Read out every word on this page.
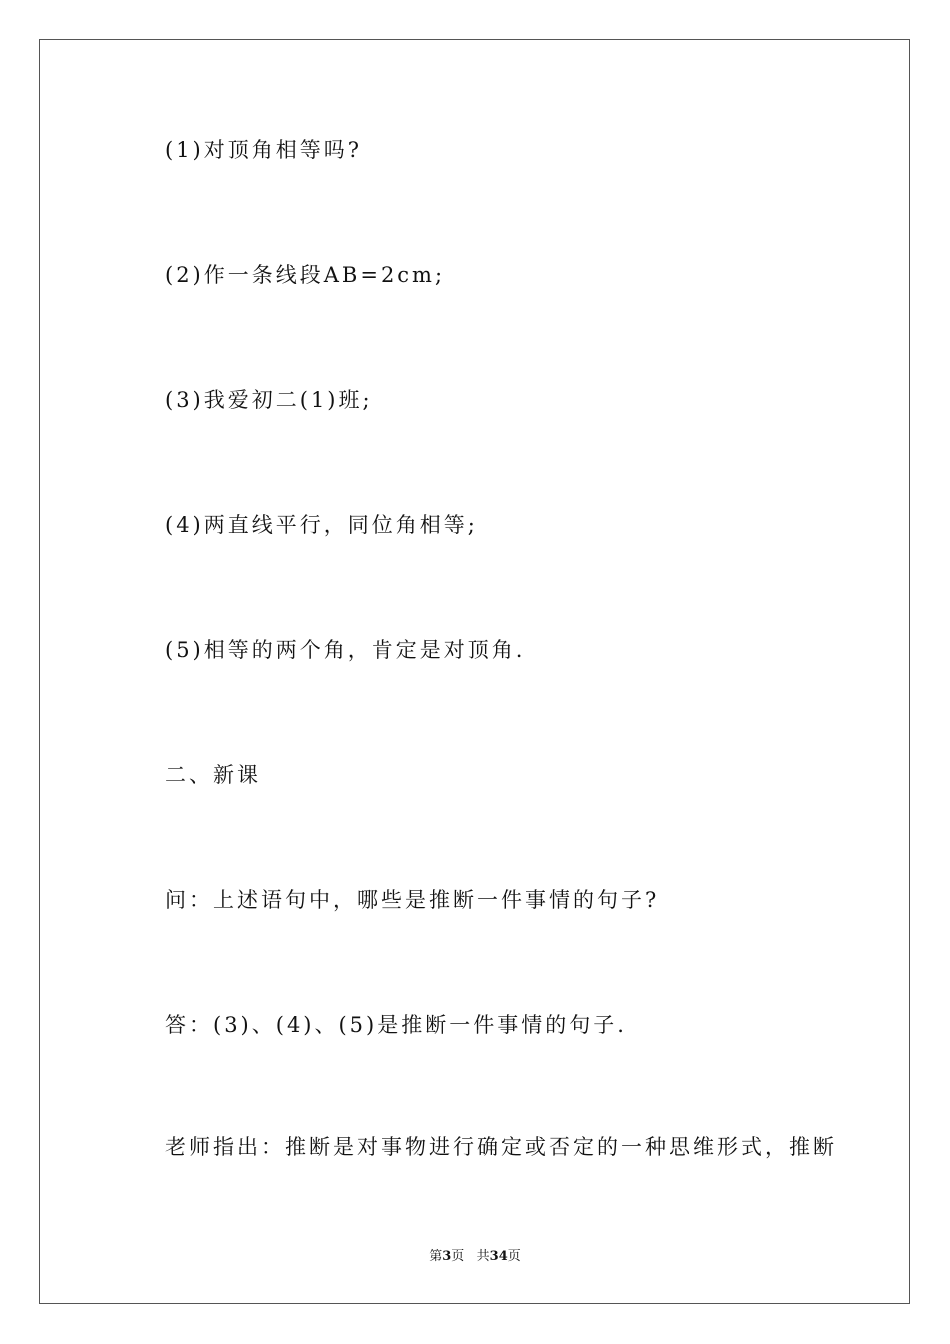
(1)对顶角相等吗?
(2)作一条线段AB=2cm;
(3)我爱初二(1)班;
(4)两直线平行，同位角相等;
(5)相等的两个角，肯定是对顶角.
二、新课
问：上述语句中，哪些是推断一件事情的句子?
答：(3)、(4)、(5)是推断一件事情的句子.
老师指出：推断是对事物进行确定或否定的一种思维形式，推断
第3页   共34页
